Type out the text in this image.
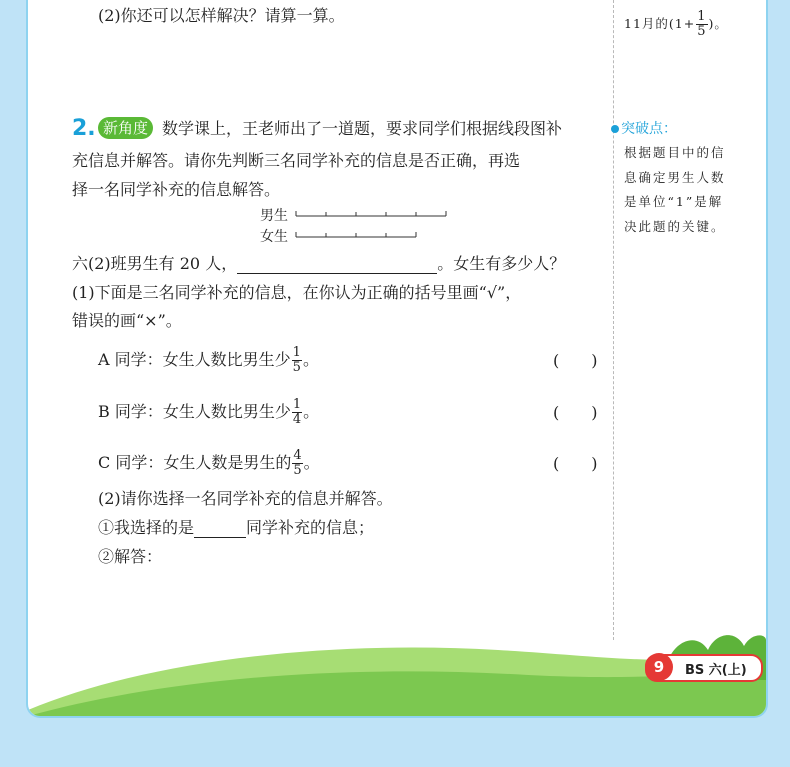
(2)你还可以怎样解决？请算一算。	11月的($1+ \frac{1}{5}$ )。
2. 新角度 数学课上，王老师出了一道题，要求同学们根据线段图补
充信息并解答。请你先判断三名同学补充的信息是否正确，再选
择一名同学补充的信息解答。
男生
女生
六(2)班男生有 20 人，	。女生有多少人？
(1)下面是三名同学补充的信息，在你认为正确的括号里画“√”，
错误的画“×”。
A 同学：女生人数比男生少 $\frac{1}{5}$ 。	(　　)
B 同学：女生人数比男生少 $\frac{1}{4}$ 。	(　　)
C 同学：女生人数是男生的 $\frac{4}{5}$ 。	(　　)
(2)请你选择一名同学补充的信息并解答。
①我选择的是	同学补充的信息；
②解答：
突破点：
根据题目中的信
息确定男生人数
是单位“1”是解
决此题的关键。
9	BS 六(上)
